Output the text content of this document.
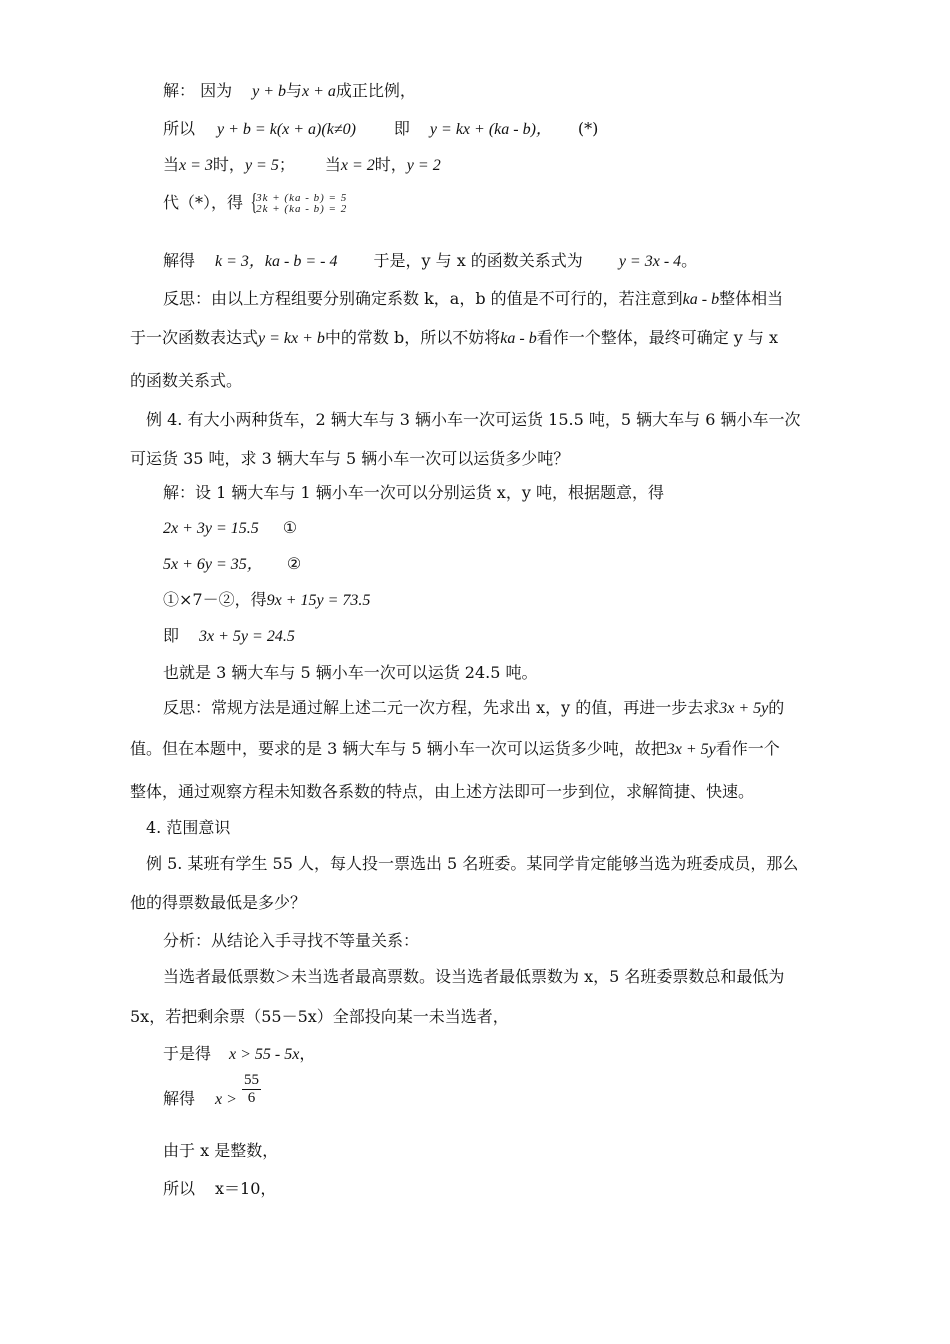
解： 因为 y + b与x + a成正比例，
所以 y + b = k(x + a)(k≠0) 即 y = kx + (ka - b)， (*)
当x = 3时，y = 5； 当x = 2时，y = 2
代（*），得 {
3k + (ka - b) = 5
2k + (ka - b) = 2
解得 k = 3，ka - b = - 4 于是，y 与 x 的函数关系式为 y = 3x - 4。
反思：由以上方程组要分别确定系数 k，a，b 的值是不可行的，若注意到ka - b整体相当
于一次函数表达式y = kx + b中的常数 b，所以不妨将ka - b看作一个整体，最终可确定 y 与 x
的函数关系式。
例 4. 有大小两种货车，2 辆大车与 3 辆小车一次可运货 15.5 吨，5 辆大车与 6 辆小车一次
可运货 35 吨，求 3 辆大车与 5 辆小车一次可以运货多少吨？
解：设 1 辆大车与 1 辆小车一次可以分别运货 x，y 吨，根据题意，得
2x + 3y = 15.5 ①
5x + 6y = 35， ②
①×7－②，得9x + 15y = 73.5
即 3x + 5y = 24.5
也就是 3 辆大车与 5 辆小车一次可以运货 24.5 吨。
反思：常规方法是通过解上述二元一次方程，先求出 x，y 的值，再进一步去求3x + 5y的
值。但在本题中，要求的是 3 辆大车与 5 辆小车一次可以运货多少吨，故把3x + 5y看作一个
整体，通过观察方程未知数各系数的特点，由上述方法即可一步到位，求解简捷、快速。
4. 范围意识
例 5. 某班有学生 55 人，每人投一票选出 5 名班委。某同学肯定能够当选为班委成员，那么
他的得票数最低是多少？
分析：从结论入手寻找不等量关系：
当选者最低票数＞未当选者最高票数。设当选者最低票数为 x，5 名班委票数总和最低为
5x，若把剩余票（55－5x）全部投向某一未当选者，
于是得 x > 55 - 5x，
解得 $x > \frac{55}{6}$
由于 x 是整数，
所以 x＝10，
